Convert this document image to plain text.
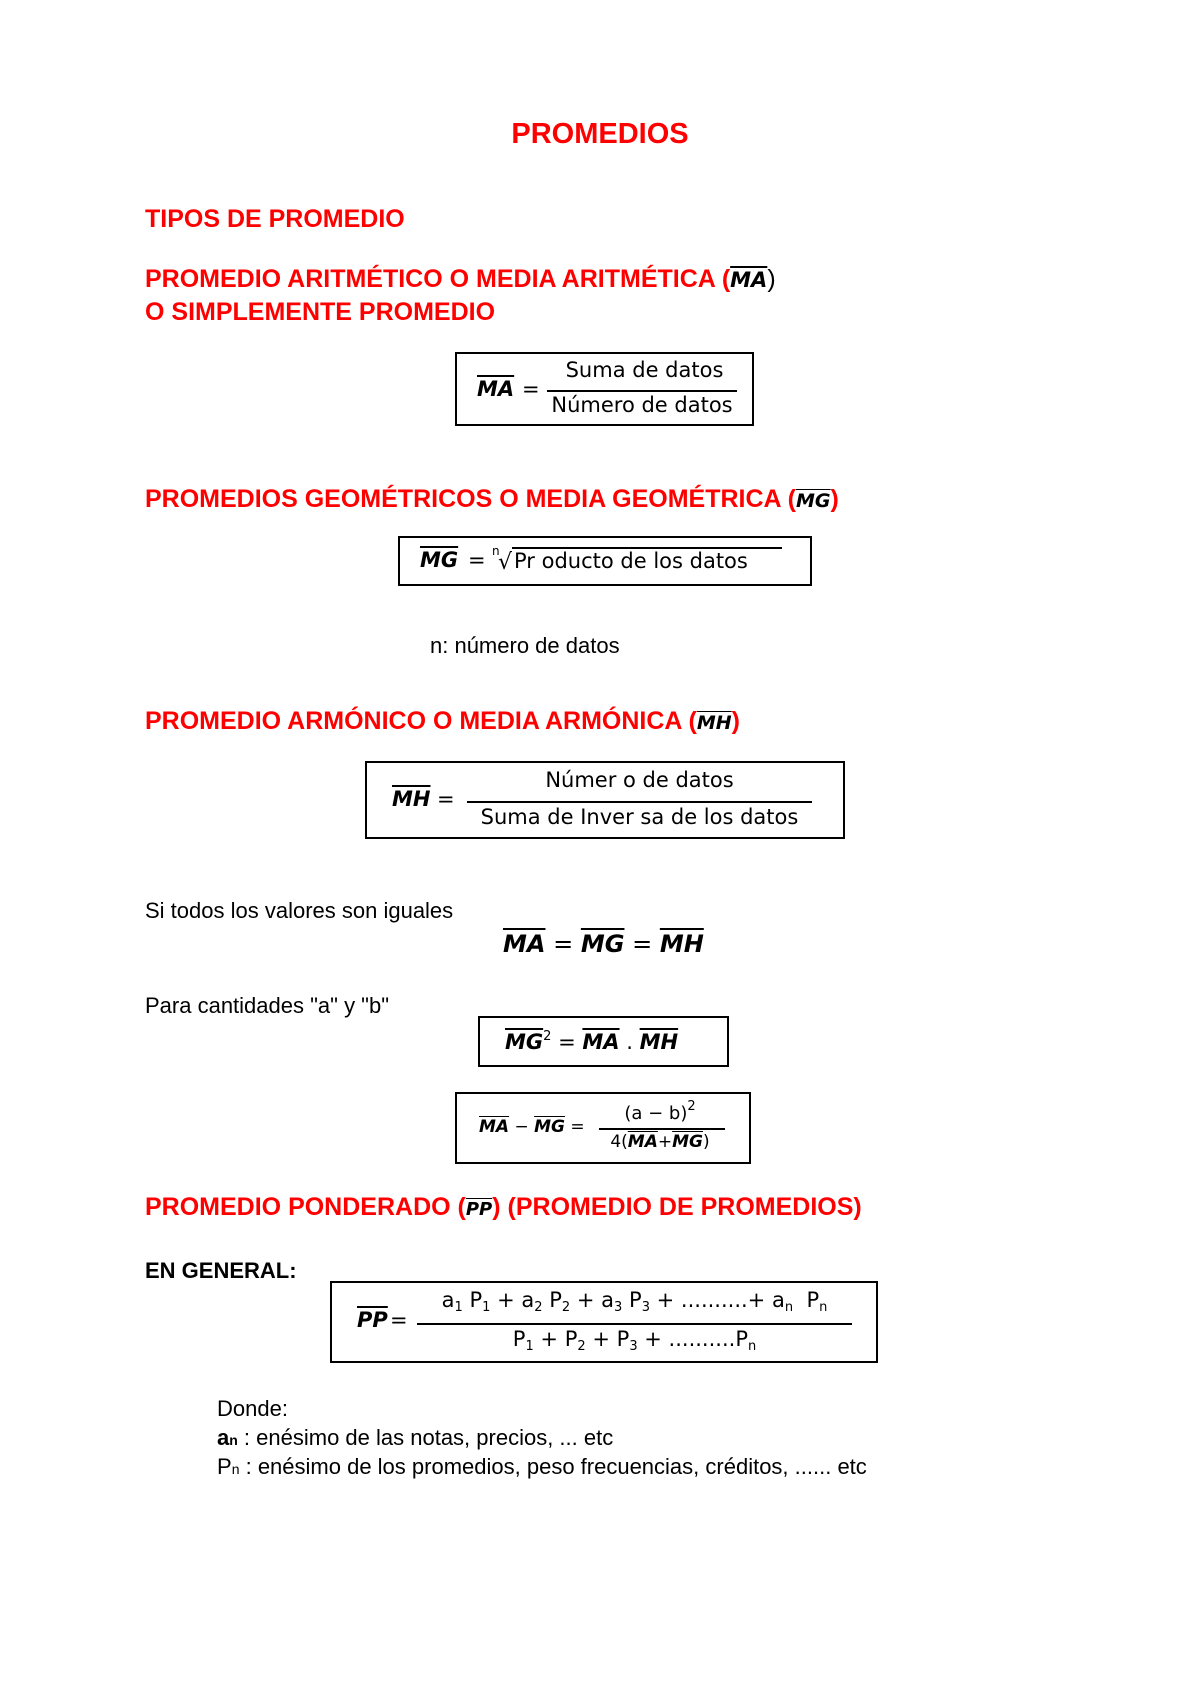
PROMEDIOS
TIPOS DE PROMEDIO
PROMEDIO ARITMÉTICO O MEDIA ARITMÉTICA $(\overline{MA})$
O SIMPLEMENTE PROMEDIO
$\overline{MA}$ =
Suma de datos
Número de datos
PROMEDIOS GEOMÉTRICOS O MEDIA GEOMÉTRICA $(\overline{MG})$
$\overline{MG} = n$
√ Pr oducto de los datos
n: número de datos
PROMEDIO ARMÓNICO O MEDIA ARMÓNICA $(\overline{MH})$
$\overline{MH}$ =
Númer o de datos
Suma de Inver sa de los datos
Si todos los valores son iguales
$\overline{MA} = \overline{MG} = \overline{MH}$
Para cantidades "a" y "b"
$\overline{MG}^2 = \overline{MA}$ . $\overline{MH}$
$\overline{MA} - \overline{MG}$ =
$(a - b)^2$
$4(\overline{MA}+\overline{MG})$
PROMEDIO PONDERADO $(\overline{PP})$ (PROMEDIO DE PROMEDIOS)
EN GENERAL:
$\overline{PP}$ =
$a_1$ $P_1 + a_2$ $P_2 + a_3$ $P_3$ + ..........+ $a_n$ $P_n$
$P_1 + P_2 + P_3 + ..........P_n$
Donde:
an : enésimo de las notas, precios, ... etc
Pn : enésimo de los promedios, peso frecuencias, créditos, ...... etc
